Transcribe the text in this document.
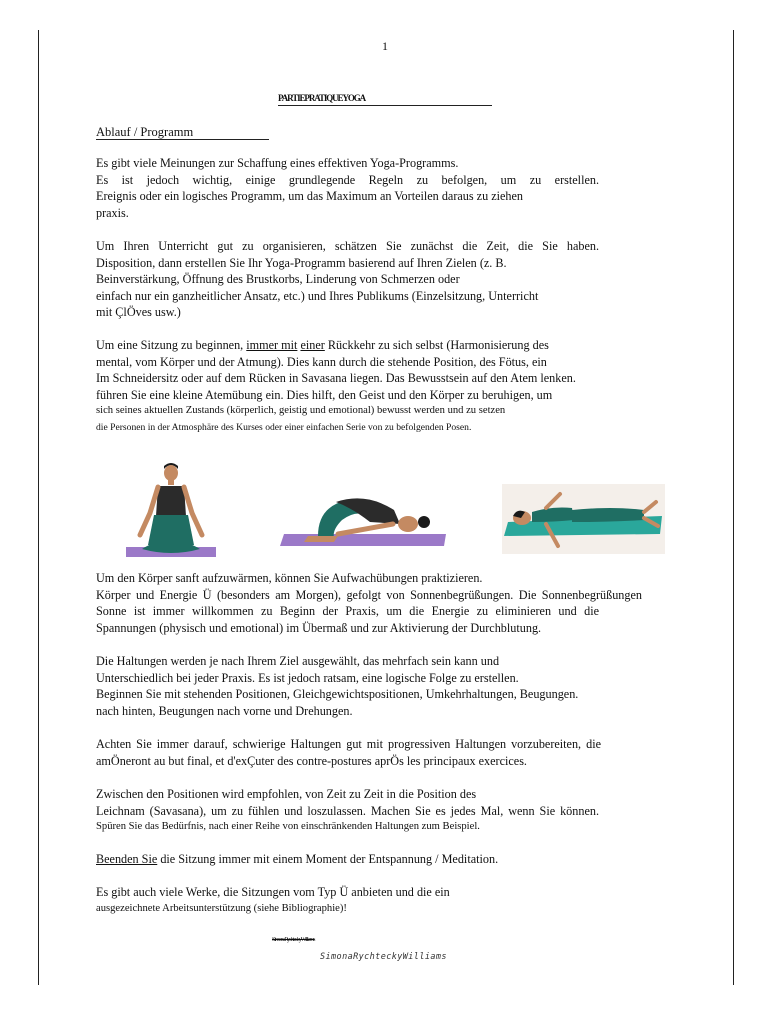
1
PARTIEPRATIQUEYOGA
Ablauf / Programm
Es gibt viele Meinungen zur Schaffung eines effektiven Yoga-Programms.
Es ist jedoch wichtig, einige grundlegende Regeln zu befolgen, um zu erstellen.
Ereignis oder ein logisches Programm, um das Maximum an Vorteilen daraus zu ziehen
praxis.
Um Ihren Unterricht gut zu organisieren, schätzen Sie zunächst die Zeit, die Sie haben.
Disposition, dann erstellen Sie Ihr Yoga-Programm basierend auf Ihren Zielen (z. B.
Beinverstärkung, Öffnung des Brustkorbs, Linderung von Schmerzen oder
einfach nur ein ganzheitlicher Ansatz, etc.) und Ihres Publikums (Einzelsitzung, Unterricht
mit ÇlÖves usw.)
Um eine Sitzung zu beginnen, immer mit einer Rückkehr zu sich selbst (Harmonisierung des
mental, vom Körper und der Atmung). Dies kann durch die stehende Position, des Fötus, ein
Im Schneidersitz oder auf dem Rücken in Savasana liegen. Das Bewusstsein auf den Atem lenken.
führen Sie eine kleine Atemübung ein. Dies hilft, den Geist und den Körper zu beruhigen, um
sich seines aktuellen Zustands (körperlich, geistig und emotional) bewusst werden und zu setzen
die Personen in der Atmosphäre des Kurses oder einer einfachen Serie von zu befolgenden Posen.
Um den Körper sanft aufzuwärmen, können Sie Aufwachübungen praktizieren.
Körper und Energie Ü (besonders am Morgen), gefolgt von Sonnenbegrüßungen. Die Sonnenbegrüßungen
Sonne ist immer willkommen zu Beginn der Praxis, um die Energie zu eliminieren und die
Spannungen (physisch und emotional) im Übermaß und zur Aktivierung der Durchblutung.
Die Haltungen werden je nach Ihrem Ziel ausgewählt, das mehrfach sein kann und
Unterschiedlich bei jeder Praxis. Es ist jedoch ratsam, eine logische Folge zu erstellen.
Beginnen Sie mit stehenden Positionen, Gleichgewichtspositionen, Umkehrhaltungen, Beugungen.
nach hinten, Beugungen nach vorne und Drehungen.
Achten Sie immer darauf, schwierige Haltungen gut mit progressiven Haltungen vorzubereiten, die
amÖneront au but final, et d'exÇuter des contre-postures aprÖs les principaux exercices.
Zwischen den Positionen wird empfohlen, von Zeit zu Zeit in die Position des
Leichnam (Savasana), um zu fühlen und loszulassen. Machen Sie es jedes Mal, wenn Sie können.
Spüren Sie das Bedürfnis, nach einer Reihe von einschränkenden Haltungen zum Beispiel.
Beenden Sie die Sitzung immer mit einem Moment der Entspannung / Meditation.
Es gibt auch viele Werke, die Sitzungen vom Typ Ü anbieten und die ein
ausgezeichnete Arbeitsunterstützung (siehe Bibliographie)!
SimonaRychteckyWilliams
SimonaRychteckyWilliams
